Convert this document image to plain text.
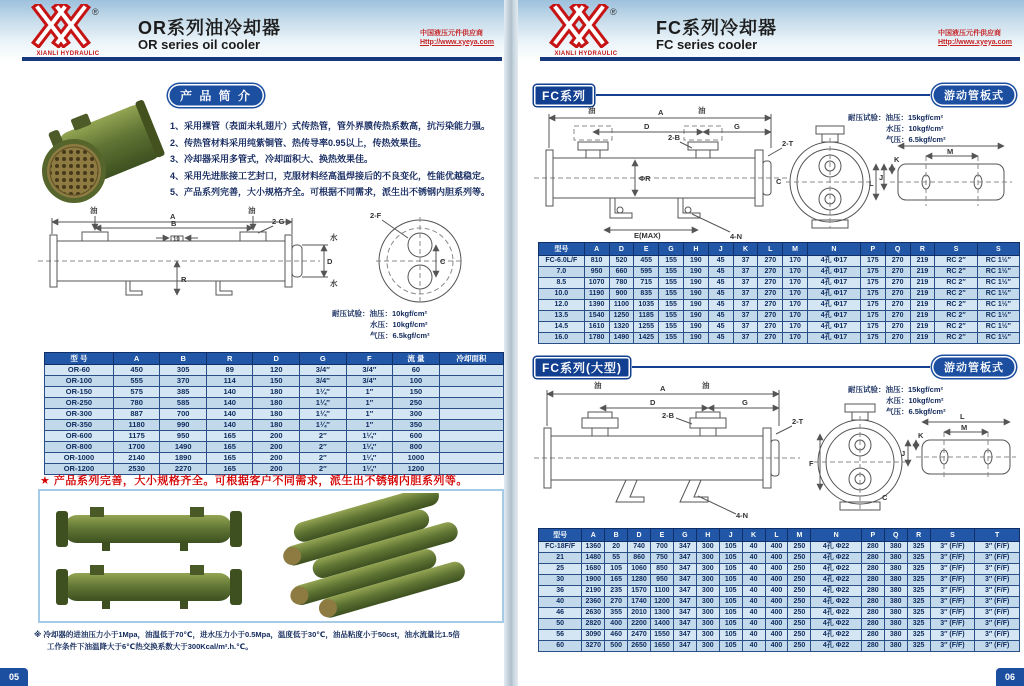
®
XIANLI HYDRAULIC
OR系列油冷却器
OR series oil cooler
中国液压元件供应商
Http://www.xyeya.com
产 品 简 介
1、采用裸管（表面未轧翅片）式传热管，管外界膜传热系数高，抗污染能力强。
2、传热管材料采用纯紫铜管、热传导率0.95以上，传热效果佳。
3、冷却器采用多管式，冷却面积大、换热效果佳。
4、采用先进胀接工艺封口，克服材料经高温焊接后的不良变化，性能优越稳定。
5、产品系列完善，大小规格齐全。可根据不同需求，派生出不锈钢内胆系列等。
A
B
19
R
D
油	油
水
水
2-G
2-F
C
耐压试验：油压：10kgf/cm²
水压：10kgf/cm²
气压：6.5kgf/cm²
型 号	A	B	R	D	G	F	流 量	冷却面积
OR-60	450	305	89	120	3/4″	3/4″	60	
OR-100	555	370	114	150	3/4″	3/4″	100	
OR-150	575	385	140	180	1¼″	1″	150	
OR-250	780	585	140	180	1¼″	1″	250	
OR-300	887	700	140	180	1¼″	1″	300	
OR-350	1180	990	140	180	1¼″	1″	350	
OR-600	1175	950	165	200	2″	1¼″	600	
OR-800	1700	1490	165	200	2″	1¼″	800	
OR-1000	2140	1890	165	200	2″	1¼″	1000	
OR-1200	2530	2270	165	200	2″	1¼″	1200	
★ 产品系列完善，大小规格齐全。可根据客户不同需求，派生出不锈钢内胆系列等。
※ 冷却器的进油压力小于1Mpa，油温低于70℃，进水压力小于0.5Mpa，温度低于30℃，油品粘度小于50cst，油水流量比1.5倍
工作条件下油温降大于6℃热交换系数大于300Kcal/m².h.℃。
05
®
XIANLI HYDRAULIC
FC系列冷却器
FC series cooler
中国液压元件供应商
Http://www.xyeya.com
FC系列	游动管板式
耐压试验：油压：15kgf/cm²
水压：10kgf/cm²
气压：6.5kgf/cm²
A
D	G
油	油
2-B
2-T
ΦR
E(MAX)	4-N
C
M
K
J
L
型号	A	D	E	G	H	J	K	L	M	N	P	Q	R	S	S
FC-6.0L/F	810	520	455	155	190	45	37	270	170	4孔 Φ17	175	270	219	RC 2″	RC 1½″
7.0	950	660	595	155	190	45	37	270	170	4孔 Φ17	175	270	219	RC 2″	RC 1½″
8.5	1070	780	715	155	190	45	37	270	170	4孔 Φ17	175	270	219	RC 2″	RC 1½″
10.0	1190	900	835	155	190	45	37	270	170	4孔 Φ17	175	270	219	RC 2″	RC 1½″
12.0	1390	1100	1035	155	190	45	37	270	170	4孔 Φ17	175	270	219	RC 2″	RC 1½″
13.5	1540	1250	1185	155	190	45	37	270	170	4孔 Φ17	175	270	219	RC 2″	RC 1½″
14.5	1610	1320	1255	155	190	45	37	270	170	4孔 Φ17	175	270	219	RC 2″	RC 1½″
16.0	1780	1490	1425	155	190	45	37	270	170	4孔 Φ17	175	270	219	RC 2″	RC 1½″
FC系列(大型)	游动管板式
耐压试验：油压：15kgf/cm²
水压：10kgf/cm²
气压：6.5kgf/cm²
A
D	G
油	油
2-B
2-T
F
C
4-N
L
M
K
J
型号	A	B	D	E	G	H	J	K	L	M	N	P	Q	R	S	T
FC-18F/F	1360	20	740	700	347	300	105	40	400	250	4孔 Φ22	280	380	325	3″ (F/F)	3″ (F/F)
21	1480	55	860	750	347	300	105	40	400	250	4孔 Φ22	280	380	325	3″ (F/F)	3″ (F/F)
25	1680	105	1060	850	347	300	105	40	400	250	4孔 Φ22	280	380	325	3″ (F/F)	3″ (F/F)
30	1900	165	1280	950	347	300	105	40	400	250	4孔 Φ22	280	380	325	3″ (F/F)	3″ (F/F)
36	2190	235	1570	1100	347	300	105	40	400	250	4孔 Φ22	280	380	325	3″ (F/F)	3″ (F/F)
40	2360	270	1740	1200	347	300	105	40	400	250	4孔 Φ22	280	380	325	3″ (F/F)	3″ (F/F)
46	2630	355	2010	1300	347	300	105	40	400	250	4孔 Φ22	280	380	325	3″ (F/F)	3″ (F/F)
50	2820	400	2200	1400	347	300	105	40	400	250	4孔 Φ22	280	380	325	3″ (F/F)	3″ (F/F)
56	3090	460	2470	1550	347	300	105	40	400	250	4孔 Φ22	280	380	325	3″ (F/F)	3″ (F/F)
60	3270	500	2650	1650	347	300	105	40	400	250	4孔 Φ22	280	380	325	3″ (F/F)	3″ (F/F)
06
